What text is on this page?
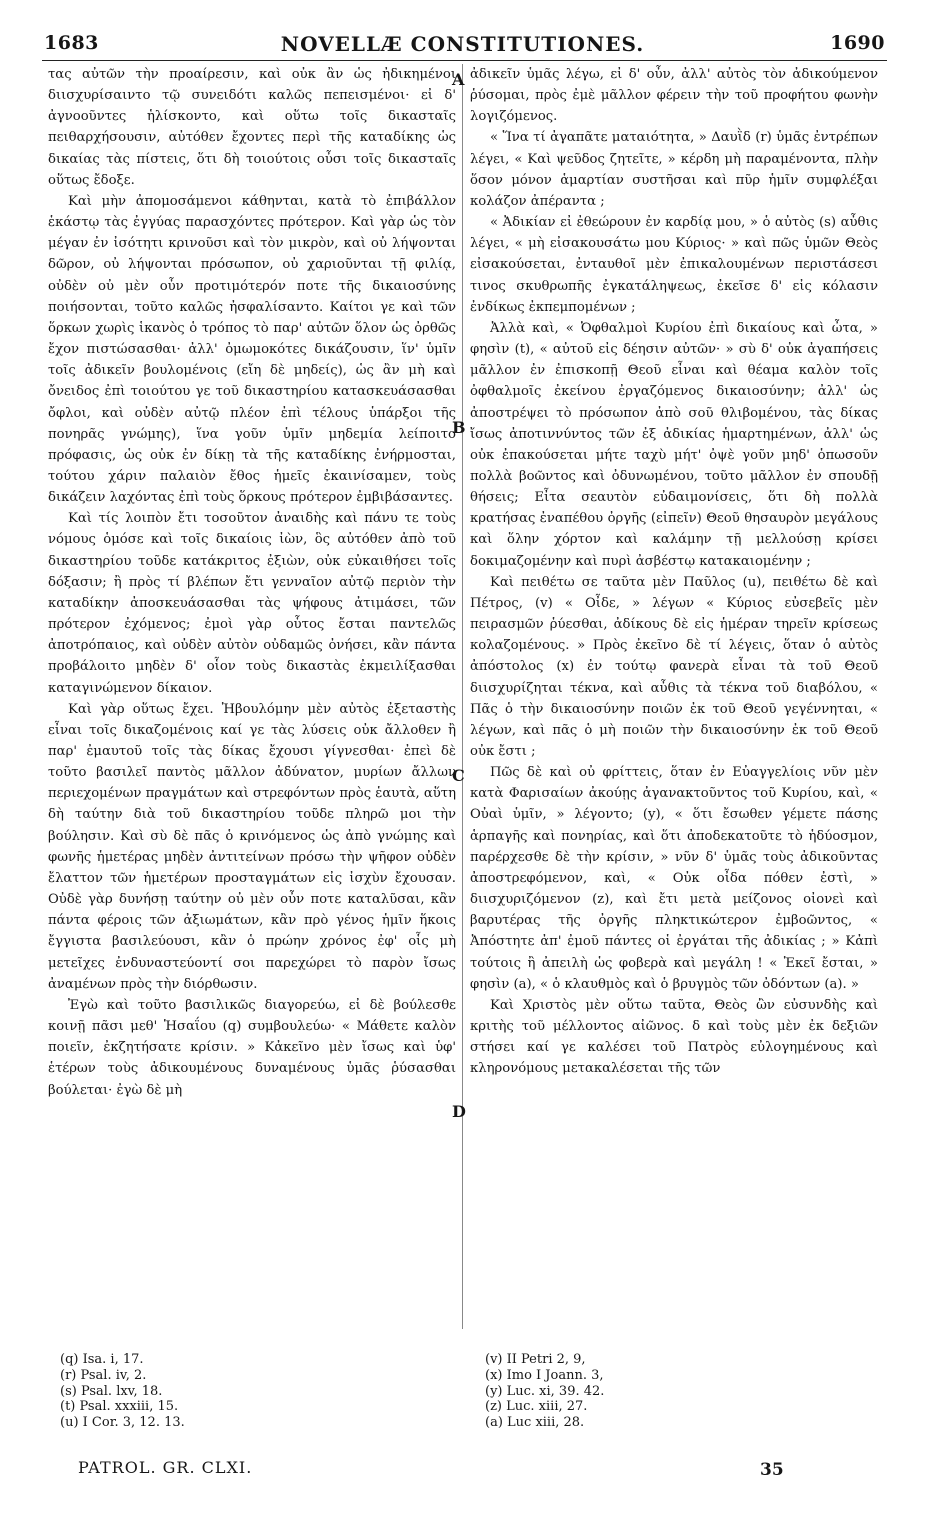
1683	NOVELLÆ CONSTITUTIONES.	1690

τας αὐτῶν τὴν προαίρεσιν, καὶ οὐκ ἂν ὡς ἠδικημένοι διισχυρίσαιντο τῷ συνειδότι καλῶς πεπεισμένοι· εἰ δ' ἀγνοοῦντες ἡλίσκοντο, καὶ οὕτω τοῖς δικασταῖς πειθαρχήσουσιν, αὐτόθεν ἔχοντες περὶ τῆς καταδίκης ὡς δικαίας τὰς πίστεις, ὅτι δὴ τοιούτοις οὖσι τοῖς δικασταῖς οὕτως ἔδοξε.

Καὶ μὴν ἀπομοσάμενοι κάθηνται, κατὰ τὸ ἐπιβάλλον ἑκάστῳ τὰς ἐγγύας παρασχόντες πρότερον. Καὶ γὰρ ὡς τὸν μέγαν ἐν ἰσότητι κρινοῦσι καὶ τὸν μικρὸν, καὶ οὐ λήψονται δῶρον, οὐ λήψονται πρόσωπον, οὐ χαριοῦνται τῇ φιλίᾳ, οὐδὲν οὐ μὲν οὖν προτιμότερόν ποτε τῆς δικαιοσύνης ποιήσονται, τοῦτο καλῶς ἠσφαλίσαντο. Καίτοι γε καὶ τῶν ὅρκων χωρὶς ἱκανὸς ὁ τρόπος τὸ παρ' αὐτῶν ὅλον ὡς ὀρθῶς ἔχον πιστώσασθαι· ἀλλ' ὀμωμοκότες δικάζουσιν, ἵν' ὑμῖν τοῖς ἀδικεῖν βουλομένοις (εἴη δὲ μηδείς), ὡς ἂν μὴ καὶ ὄνειδος ἐπὶ τοιούτου γε τοῦ δικαστηρίου κατασκευάσασθαι ὄφλοι, καὶ οὐδὲν αὐτῷ πλέον ἐπὶ τέλους ὑπάρξοι τῆς πονηρᾶς γνώμης), ἵνα γοῦν ὑμῖν μηδεμία λείποιτο πρόφασις, ὡς οὐκ ἐν δίκῃ τὰ τῆς καταδίκης ἐνήρμοσται, τούτου χάριν παλαιὸν ἔθος ἡμεῖς ἐκαινίσαμεν, τοὺς δικάζειν λαχόντας ἐπὶ τοὺς ὅρκους πρότερον ἐμβιβάσαντες.

Καὶ τίς λοιπὸν ἔτι τοσοῦτον ἀναιδὴς καὶ πάνυ τε τοὺς νόμους ὁμόσε καὶ τοῖς δικαίοις ἰὼν, ὃς αὐτόθεν ἀπὸ τοῦ δικαστηρίου τοῦδε κατάκριτος ἐξιὼν, οὐκ εὐκαιθήσει τοῖς δόξασιν; ἢ πρὸς τί βλέπων ἔτι γενναῖον αὐτῷ περιὸν τὴν καταδίκην ἀποσκευάσασθαι τὰς ψήφους ἀτιμάσει, τῶν πρότερον ἐχόμενος; ἐμοὶ γὰρ οὗτος ἔσται παντελῶς ἀποτρόπαιος, καὶ οὐδὲν αὐτὸν οὐδαμῶς ὀνήσει, κἂν πάντα προβάλοιτο μηδὲν δ' οἷον τοὺς δικαστὰς ἐκμειλίξασθαι καταγινώμενον δίκαιον.

Καὶ γὰρ οὕτως ἔχει. Ἠβουλόμην μὲν αὐτὸς ἐξεταστὴς εἶναι τοῖς δικαζομένοις καί γε τὰς λύσεις οὐκ ἄλλοθεν ἢ παρ' ἐμαυτοῦ τοῖς τὰς δίκας ἔχουσι γίγνεσθαι· ἐπεὶ δὲ τοῦτο βασιλεῖ παντὸς μᾶλλον ἀδύνατον, μυρίων ἄλλων περιεχομένων πραγμάτων καὶ στρεφόντων πρὸς ἑαυτὰ, αὕτη δὴ ταύτην διὰ τοῦ δικαστηρίου τοῦδε πληρῶ μοι τὴν βούλησιν. Καὶ σὺ δὲ πᾶς ὁ κρινόμενος ὡς ἀπὸ γνώμης καὶ φωνῆς ἡμετέρας μηδὲν ἀντιτείνων πρόσω τὴν ψῆφον οὐδὲν ἔλαττον τῶν ἡμετέρων προσταγμάτων εἰς ἰσχὺν ἔχουσαν. Οὐδὲ γὰρ δυνήσῃ ταύτην οὐ μὲν οὖν ποτε καταλῦσαι, κἂν πάντα φέροις τῶν ἀξιωμάτων, κἂν πρὸ γένος ἡμῖν ἥκοις ἔγγιστα βασιλεύουσι, κἂν ὁ πρώην χρόνος ἐφ' οἷς μὴ μετεῖχες ἐνδυναστεύοντί σοι παρεχώρει τὸ παρὸν ἴσως ἀναμένων πρὸς τὴν διόρθωσιν.

Ἐγὼ καὶ τοῦτο βασιλικῶς διαγορεύω, εἰ δὲ βούλεσθε κοινῇ πᾶσι μεθ' Ἡσαΐου (q) συμβουλεύω· « Μάθετε καλὸν ποιεῖν, ἐκζητήσατε κρίσιν. » Κἀκεῖνο μὲν ἴσως καὶ ὑφ' ἑτέρων τοὺς ἀδικουμένους δυναμένους ὑμᾶς ῥύσασθαι βούλεται· ἐγὼ δὲ μὴ

A
B
C
D

ἀδικεῖν ὑμᾶς λέγω, εἰ δ' οὖν, ἀλλ' αὐτὸς τὸν ἀδικούμενον ῥύσομαι, πρὸς ἐμὲ μᾶλλον φέρειν τὴν τοῦ προφήτου φωνὴν λογιζόμενος.

« Ἵνα τί ἀγαπᾶτε ματαιότητα, » Δαυῒδ (r) ὑμᾶς ἐντρέπων λέγει, « Καὶ ψεῦδος ζητεῖτε, » κέρδη μὴ παραμένοντα, πλὴν ὅσον μόνον ἁμαρτίαν συστῆσαι καὶ πῦρ ἡμῖν συμφλέξαι κολάζον ἀπέραντα ;

« Ἀδικίαν εἰ ἐθεώρουν ἐν καρδίᾳ μου, » ὁ αὐτὸς (s) αὖθις λέγει, « μὴ εἰσακουσάτω μου Κύριος· » καὶ πῶς ὑμῶν Θεὸς εἰσακούσεται, ἐνταυθοῖ μὲν ἐπικαλουμένων περιστάσεσι τινος σκυθρωπῆς ἐγκατάληψεως, ἐκεῖσε δ' εἰς κόλασιν ἐνδίκως ἐκπεμπομένων ;

Ἀλλὰ καὶ, « Ὀφθαλμοὶ Κυρίου ἐπὶ δικαίους καὶ ὦτα, » φησὶν (t), « αὐτοῦ εἰς δέησιν αὐτῶν· » σὺ δ' οὐκ ἀγαπήσεις μᾶλλον ἐν ἐπισκοπῇ Θεοῦ εἶναι καὶ θέαμα καλὸν τοῖς ὀφθαλμοῖς ἐκείνου ἐργαζόμενος δικαιοσύνην; ἀλλ' ὡς ἀποστρέψει τὸ πρόσωπον ἀπὸ σοῦ θλιβομένου, τὰς δίκας ἴσως ἀποτιννύντος τῶν ἐξ ἀδικίας ἡμαρτημένων, ἀλλ' ὡς οὐκ ἐπακούσεται μήτε ταχὺ μήτ' ὀψὲ γοῦν μηδ' ὁπωσοῦν πολλὰ βοῶντος καὶ ὀδυνωμένου, τοῦτο μᾶλλον ἐν σπουδῇ θήσεις; Εἶτα σεαυτὸν εὐδαιμονίσεις, ὅτι δὴ πολλὰ κρατήσας ἐναπέθου ὀργῆς (εἰπεῖν) Θεοῦ θησαυρὸν μεγάλους καὶ ὅλην χόρτον καὶ καλάμην τῇ μελλούσῃ κρίσει δοκιμαζομένην καὶ πυρὶ ἀσβέστῳ κατακαιομένην ;

Καὶ πειθέτω σε ταῦτα μὲν Παῦλος (u), πειθέτω δὲ καὶ Πέτρος, (v) « Οἶδε, » λέγων « Κύριος εὐσεβεῖς μὲν πειρασμῶν ῥύεσθαι, ἀδίκους δὲ εἰς ἡμέραν τηρεῖν κρίσεως κολαζομένους. » Πρὸς ἐκεῖνο δὲ τί λέγεις, ὅταν ὁ αὐτὸς ἀπόστολος (x) ἐν τούτῳ φανερὰ εἶναι τὰ τοῦ Θεοῦ διισχυρίζηται τέκνα, καὶ αὖθις τὰ τέκνα τοῦ διαβόλου, « Πᾶς ὁ τὴν δικαιοσύνην ποιῶν ἐκ τοῦ Θεοῦ γεγέννηται, « λέγων, καὶ πᾶς ὁ μὴ ποιῶν τὴν δικαιοσύνην ἐκ τοῦ Θεοῦ οὐκ ἔστι ;

Πῶς δὲ καὶ οὐ φρίττεις, ὅταν ἐν Εὐαγγελίοις νῦν μὲν κατὰ Φαρισαίων ἀκούῃς ἀγανακτοῦντος τοῦ Κυρίου, καὶ, « Οὐαὶ ὑμῖν, » λέγοντο; (y), « ὅτι ἔσωθεν γέμετε πάσης ἁρπαγῆς καὶ πονηρίας, καὶ ὅτι ἀποδεκατοῦτε τὸ ἡδύοσμον, παρέρχεσθε δὲ τὴν κρίσιν, » νῦν δ' ὑμᾶς τοὺς ἀδικοῦντας ἀποστρεφόμενον, καὶ, « Οὐκ οἶδα πόθεν ἐστὶ, » διισχυριζόμενον (z), καὶ ἔτι μετὰ μείζονος οἰονεὶ καὶ βαρυτέρας τῆς ὀργῆς πληκτικώτερον ἐμβοῶντος, « Ἀπόστητε ἀπ' ἐμοῦ πάντες οἱ ἐργάται τῆς ἀδικίας ; » Κἀπὶ τούτοις ἢ ἀπειλὴ ὡς φοβερὰ καὶ μεγάλη ! « Ἐκεῖ ἔσται, » φησὶν (a), « ὁ κλαυθμὸς καὶ ὁ βρυγμὸς τῶν ὀδόντων (a). »

Καὶ Χριστὸς μὲν οὕτω ταῦτα, Θεὸς ὢν εὐσυνδὴς καὶ κριτὴς τοῦ μέλλοντος αἰῶνος. δ καὶ τοὺς μὲν ἐκ δεξιῶν στήσει καί γε καλέσει τοῦ Πατρὸς εὐλογημένους καὶ κληρονόμους μετακαλέσεται τῆς τῶν

(q) Isa. i, 17.
(r) Psal. iv, 2.
(s) Psal. lxv, 18.
(t) Psal. xxxiii, 15.
(u) I Cor. 3, 12. 13.
(v) II Petri 2, 9,
(x) Imo I Joann. 3,
(y) Luc. xi, 39. 42.
(z) Luc. xiii, 27.
(a) Luc xiii, 28.
PATROL. GR. CLXI.	35
